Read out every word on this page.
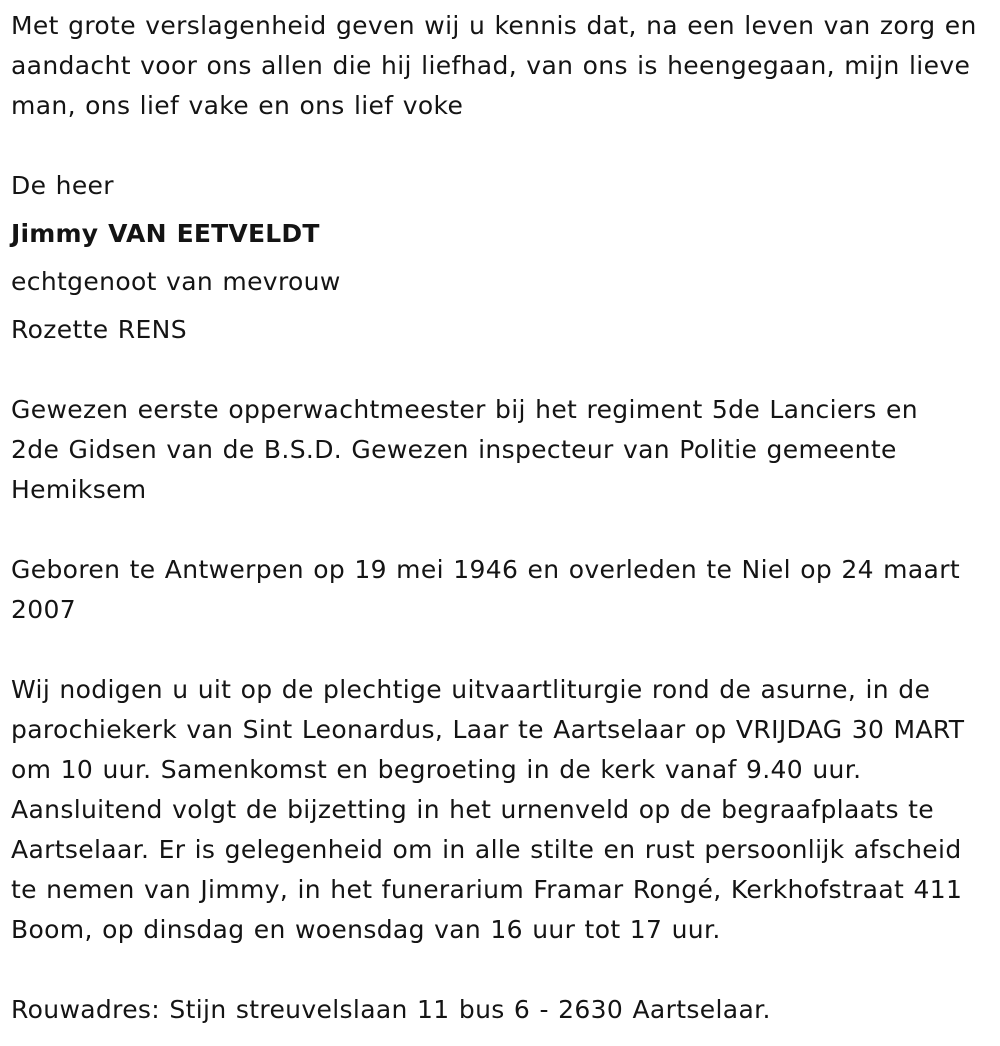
Met grote verslagenheid geven wij u kennis dat, na een leven van zorg en
aandacht voor ons allen die hij liefhad, van ons is heengegaan, mijn lieve
man, ons lief vake en ons lief voke

De heer

Jimmy VAN EETVELDT

echtgenoot van mevrouw

Rozette RENS

Gewezen eerste opperwachtmeester bij het regiment 5de Lanciers en
2de Gidsen van de B.S.D. Gewezen inspecteur van Politie gemeente
Hemiksem

Geboren te Antwerpen op 19 mei 1946 en overleden te Niel op 24 maart
2007

Wij nodigen u uit op de plechtige uitvaartliturgie rond de asurne, in de
parochiekerk van Sint Leonardus, Laar te Aartselaar op VRIJDAG 30 MART
om 10 uur. Samenkomst en begroeting in de kerk vanaf 9.40 uur.
Aansluitend volgt de bijzetting in het urnenveld op de begraafplaats te
Aartselaar. Er is gelegenheid om in alle stilte en rust persoonlijk afscheid
te nemen van Jimmy, in het funerarium Framar Rongé, Kerkhofstraat 411
Boom, op dinsdag en woensdag van 16 uur tot 17 uur.

Rouwadres: Stijn streuvelslaan 11 bus 6 - 2630 Aartselaar.
